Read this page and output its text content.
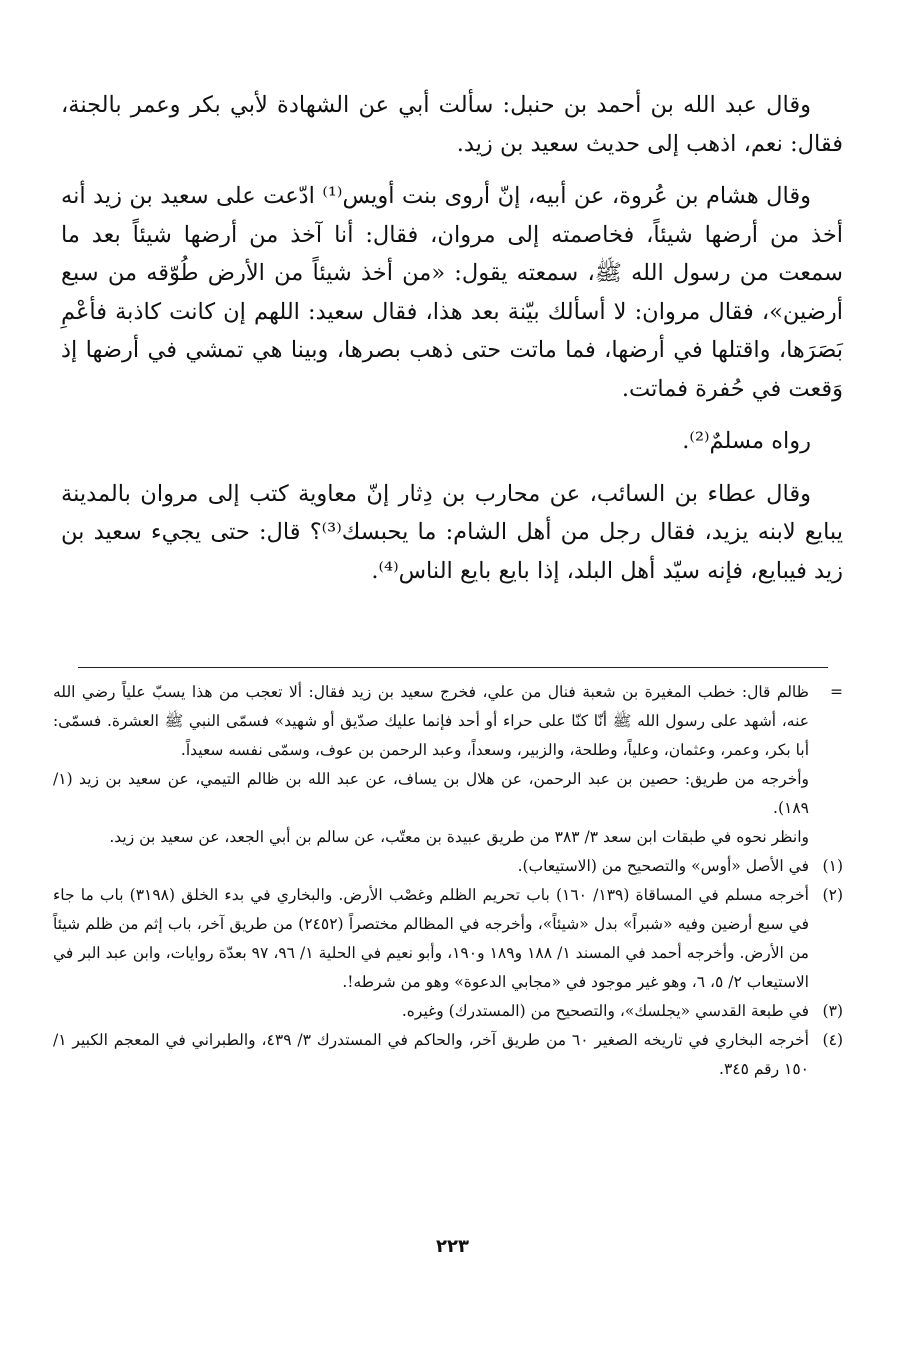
وقال عبد الله بن أحمد بن حنبل: سألت أبي عن الشهادة لأبي بكر وعمر بالجنة، فقال: نعم، اذهب إلى حديث سعيد بن زيد.

وقال هشام بن عُروة، عن أبيه، إنّ أروى بنت أويس⁽¹⁾ ادّعت على سعيد بن زيد أنه أخذ من أرضها شيئاً، فخاصمته إلى مروان، فقال: أنا آخذ من أرضها شيئاً بعد ما سمعت من رسول الله ﷺ، سمعته يقول: «من أخذ شيئاً من الأرض طُوّقه من سبع أرضين»، فقال مروان: لا أسألك بيّنة بعد هذا، فقال سعيد: اللهم إن كانت كاذبة فأعْمِ بَصَرَها، واقتلها في أرضها، فما ماتت حتى ذهب بصرها، وبينا هي تمشي في أرضها إذ وَقعت في حُفرة فماتت.

رواه مسلمٌ⁽²⁾.

وقال عطاء بن السائب، عن محارب بن دِثار إنّ معاوية كتب إلى مروان بالمدينة يبايع لابنه يزيد، فقال رجل من أهل الشام: ما يحبسك⁽³⁾؟ قال: حتى يجيء سعيد بن زيد فيبايع، فإنه سيّد أهل البلد، إذا بايع بايع الناس⁽⁴⁾.

=
ظالم قال: خطب المغيرة بن شعبة فنال من علي، فخرج سعيد بن زيد فقال: ألا تعجب من هذا يسبّ علياً رضي الله عنه، أشهد على رسول الله ﷺ أنّا كنّا على حراء أو أحد فإنما عليك صدّيق أو شهيد» فسمّى النبي ﷺ العشرة. فسمّى: أبا بكر، وعمر، وعثمان، وعلياً، وطلحة، والزبير، وسعداً، وعبد الرحمن بن عوف، وسمّى نفسه سعيداً.
وأخرجه من طريق: حصين بن عبد الرحمن، عن هلال بن يساف، عن عبد الله بن ظالم التيمي، عن سعيد بن زيد (١/ ١٨٩).
وانظر نحوه في طبقات ابن سعد ٣/ ٣٨٣ من طريق عبيدة بن معتّب، عن سالم بن أبي الجعد، عن سعيد بن زيد.
(١)
في الأصل «أوس» والتصحيح من (الاستيعاب).
(٢)
أخرجه مسلم في المساقاة (١٣٩/ ١٦٠) باب تحريم الظلم وغصْب الأرض. والبخاري في بدء الخلق (٣١٩٨) باب ما جاء في سبع أرضين وفيه «شبراً» بدل «شيئاً»، وأخرجه في المظالم مختصراً (٢٤٥٢) من طريق آخر، باب إثم من ظلم شيئاً من الأرض. وأخرجه أحمد في المسند ١/ ١٨٨ و١٨٩ و١٩٠، وأبو نعيم في الحلية ١/ ٩٦، ٩٧ بعدّة روايات، وابن عبد البر في الاستيعاب ٢/ ٥، ٦، وهو غير موجود في «مجابي الدعوة» وهو من شرطه!.
(٣)
في طبعة القدسي «يجلسك»، والتصحيح من (المستدرك) وغيره.
(٤)
أخرجه البخاري في تاريخه الصغير ٦٠ من طريق آخر، والحاكم في المستدرك ٣/ ٤٣٩، والطبراني في المعجم الكبير ١/ ١٥٠ رقم ٣٤٥.
٢٢٣
